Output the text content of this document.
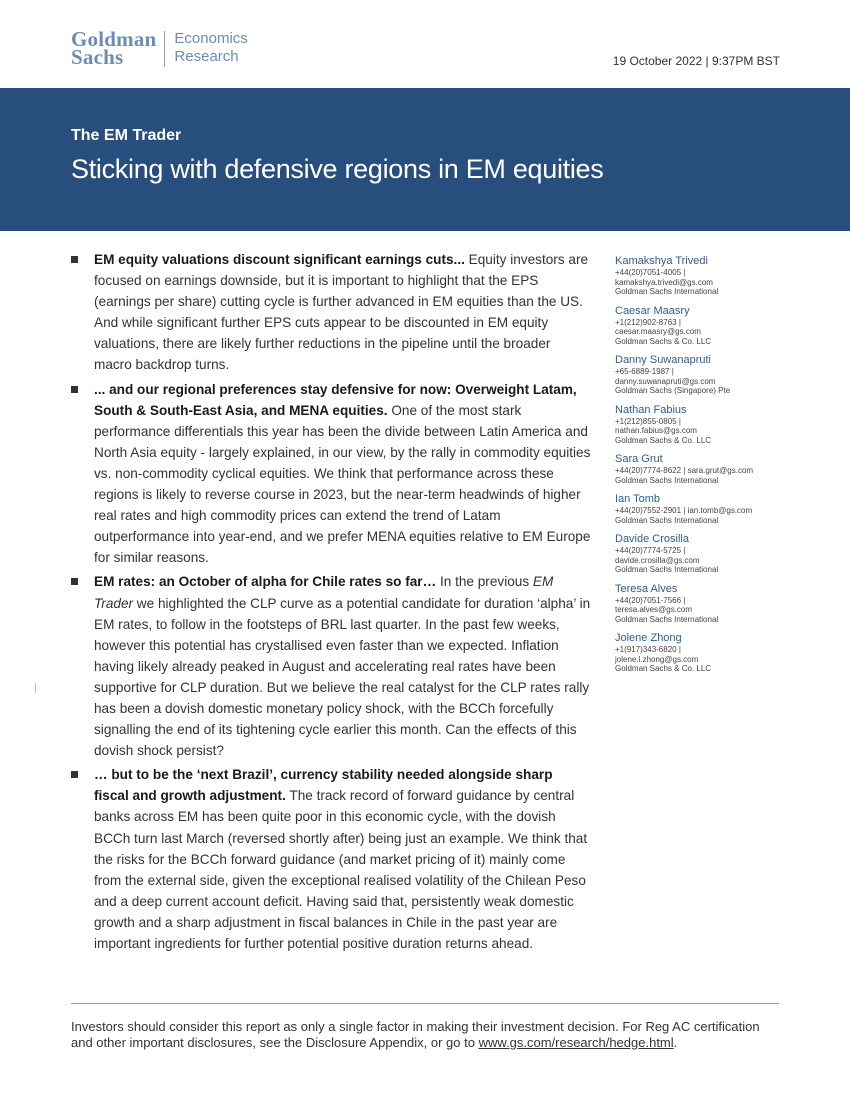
Goldman
Sachs
Economics
Research	19 October 2022 | 9:37PM BST
The EM Trader
Sticking with defensive regions in EM equities
EM equity valuations discount significant earnings cuts... Equity investors are focused on earnings downside, but it is important to highlight that the EPS (earnings per share) cutting cycle is further advanced in EM equities than the US. And while significant further EPS cuts appear to be discounted in EM equity valuations, there are likely further reductions in the pipeline until the broader macro backdrop turns.
... and our regional preferences stay defensive for now: Overweight Latam, South & South-East Asia, and MENA equities. One of the most stark performance differentials this year has been the divide between Latin America and North Asia equity - largely explained, in our view, by the rally in commodity equities vs. non-commodity cyclical equities. We think that performance across these regions is likely to reverse course in 2023, but the near-term headwinds of higher real rates and high commodity prices can extend the trend of Latam outperformance into year-end, and we prefer MENA equities relative to EM Europe for similar reasons.
EM rates: an October of alpha for Chile rates so far… In the previous EM Trader we highlighted the CLP curve as a potential candidate for duration ‘alpha’ in EM rates, to follow in the footsteps of BRL last quarter. In the past few weeks, however this potential has crystallised even faster than we expected. Inflation having likely already peaked in August and accelerating real rates have been supportive for CLP duration. But we believe the real catalyst for the CLP rates rally has been a dovish domestic monetary policy shock, with the BCCh forcefully signalling the end of its tightening cycle earlier this month. Can the effects of this dovish shock persist?
… but to be the ‘next Brazil’, currency stability needed alongside sharp fiscal and growth adjustment. The track record of forward guidance by central banks across EM has been quite poor in this economic cycle, with the dovish BCCh turn last March (reversed shortly after) being just an example. We think that the risks for the BCCh forward guidance (and market pricing of it) mainly come from the external side, given the exceptional realised volatility of the Chilean Peso and a deep current account deficit. Having said that, persistently weak domestic growth and a sharp adjustment in fiscal balances in Chile in the past year are important ingredients for further potential positive duration returns ahead.
Kamakshya Trivedi
+44(20)7051-4005 |
kamakshya.trivedi@gs.com
Goldman Sachs International
Caesar Maasry
+1(212)902-8763 |
caesar.maasry@gs.com
Goldman Sachs & Co. LLC
Danny Suwanapruti
+65-6889-1987 |
danny.suwanapruti@gs.com
Goldman Sachs (Singapore) Pte
Nathan Fabius
+1(212)855-0805 |
nathan.fabius@gs.com
Goldman Sachs & Co. LLC
Sara Grut
+44(20)7774-8622 | sara.grut@gs.com
Goldman Sachs International
Ian Tomb
+44(20)7552-2901 | ian.tomb@gs.com
Goldman Sachs International
Davide Crosilla
+44(20)7774-5725 |
davide.crosilla@gs.com
Goldman Sachs International
Teresa Alves
+44(20)7051-7566 |
teresa.alves@gs.com
Goldman Sachs International
Jolene Zhong
+1(917)343-6820 |
jolene.l.zhong@gs.com
Goldman Sachs & Co. LLC
Investors should consider this report as only a single factor in making their investment decision. For Reg AC certification and other important disclosures, see the Disclosure Appendix, or go to www.gs.com/research/hedge.html.
